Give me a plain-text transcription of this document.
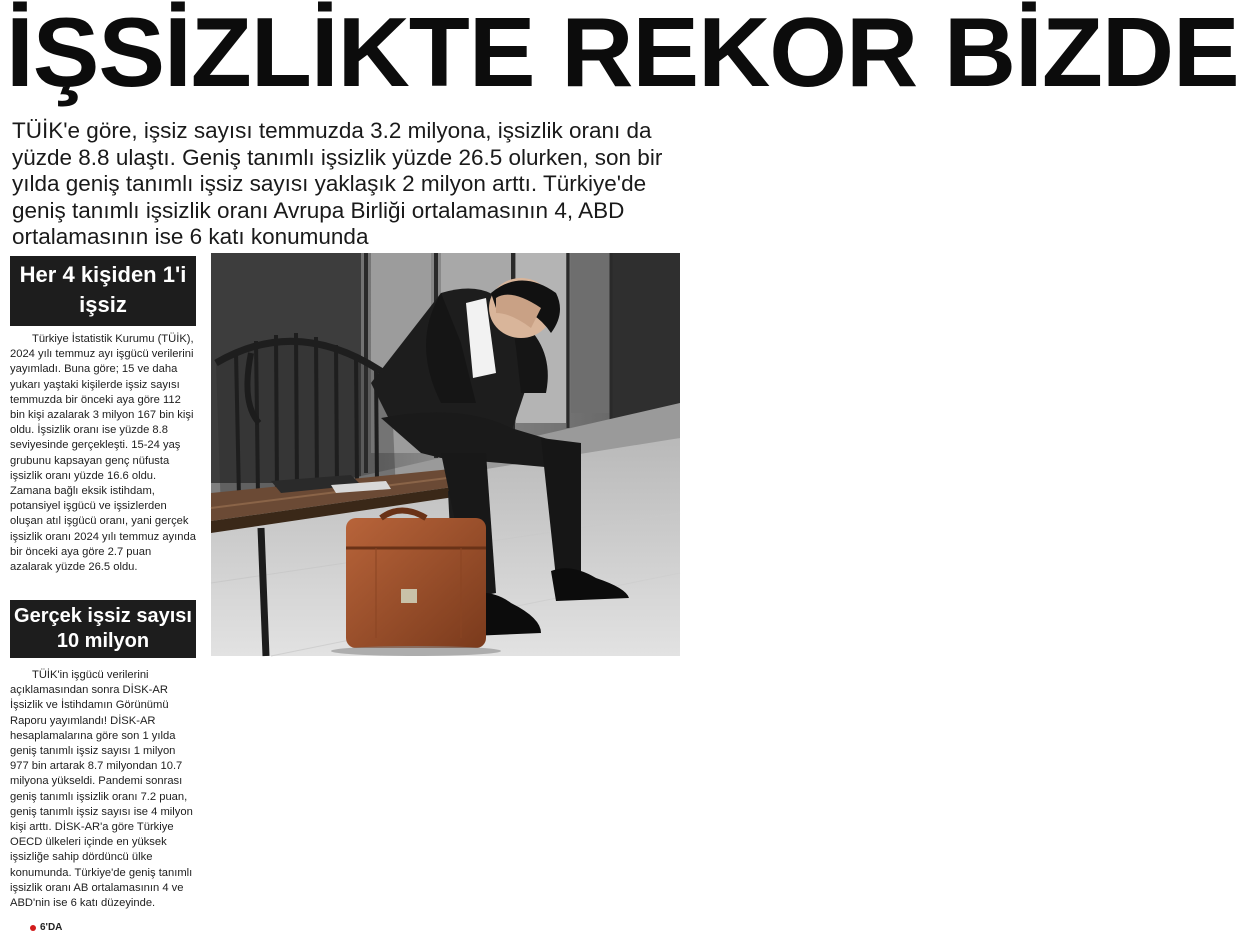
İŞSİZLİKTE REKOR BİZDE

TÜİK'e göre, işsiz sayısı temmuzda 3.2 milyona, işsizlik oranı da yüzde 8.8 ulaştı. Geniş tanımlı işsizlik yüzde 26.5 olurken, son bir yılda geniş tanımlı işsiz sayısı yaklaşık 2 milyon arttı. Türkiye'de geniş tanımlı işsizlik oranı Avrupa Birliği ortalamasının 4, ABD ortalamasının ise 6 katı konumunda

Her 4 kişiden 1'i işsiz

Türkiye İstatistik Kurumu (TÜİK), 2024 yılı temmuz ayı işgücü verilerini yayımladı. Buna göre; 15 ve daha yukarı yaştaki kişilerde işsiz sayısı temmuzda bir önceki aya göre 112 bin kişi azalarak 3 milyon 167 bin kişi oldu. İşsizlik oranı ise yüzde 8.8 seviyesinde gerçekleşti. 15-24 yaş grubunu kapsayan genç nüfusta işsizlik oranı yüzde 16.6 oldu. Zamana bağlı eksik istihdam, potansiyel işgücü ve işsizlerden oluşan atıl işgücü oranı, yani gerçek işsizlik oranı 2024 yılı temmuz ayında bir önceki aya göre 2.7 puan azalarak yüzde 26.5 oldu.

Gerçek işsiz sayısı 10 milyon

TÜİK'in işgücü verilerini açıklamasından sonra DİSK-AR İşsizlik ve İstihdamın Görünümü Raporu yayımlandı! DİSK-AR hesaplamalarına göre son 1 yılda geniş tanımlı işsiz sayısı 1 milyon 977 bin artarak 8.7 milyondan 10.7 milyona yükseldi. Pandemi sonrası geniş tanımlı işsizlik oranı 7.2 puan, geniş tanımlı işsiz sayısı ise 4 milyon kişi arttı. DİSK-AR'a göre Türkiye OECD ülkeleri içinde en yüksek işsizliğe sahip dördüncü ülke konumunda. Türkiye'de geniş tanımlı işsizlik oranı AB ortalamasının 4 ve ABD'nin ise 6 katı düzeyinde.

6'DA
